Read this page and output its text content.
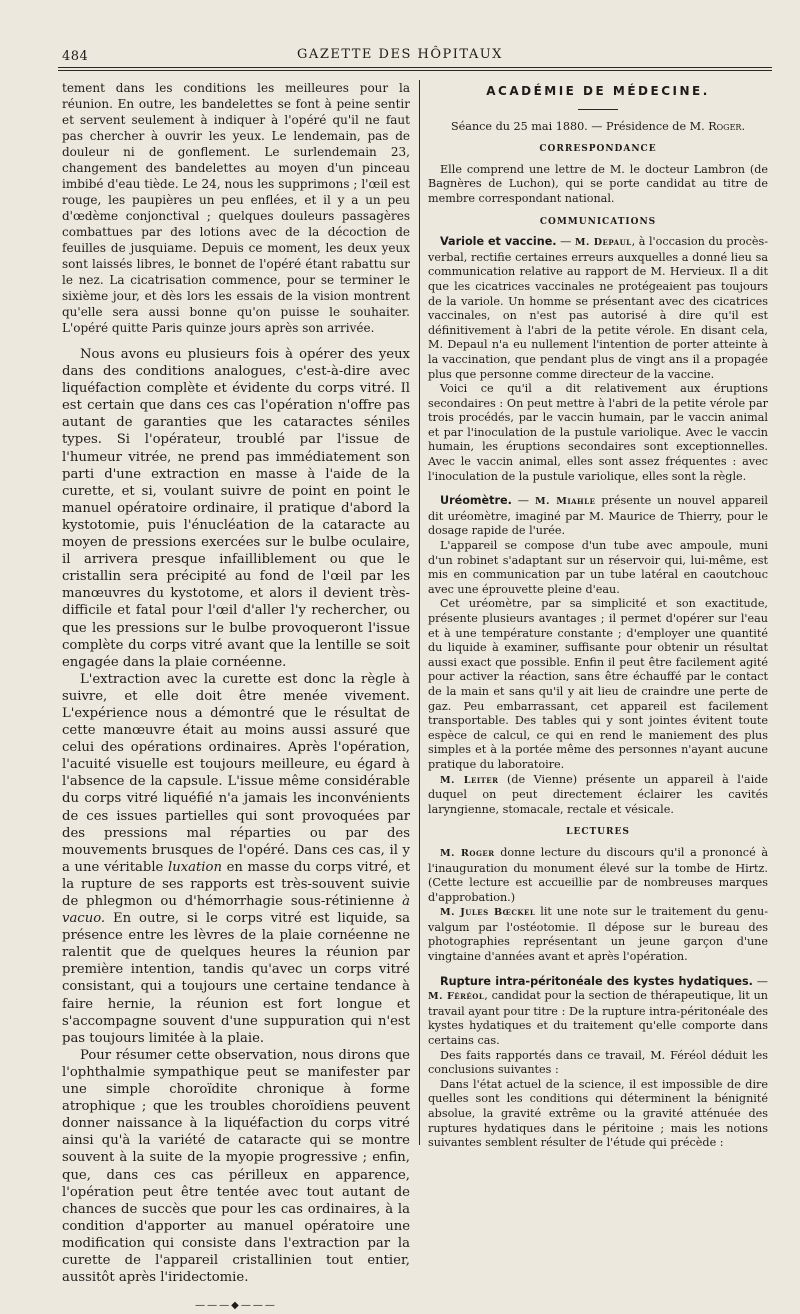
484	GAZETTE DES HÔPITAUX

tement dans les conditions les meilleures pour la réunion. En outre, les bandelettes se font à peine sentir et servent seulement à indiquer à l'opéré qu'il ne faut pas chercher à ouvrir les yeux. Le lendemain, pas de douleur ni de gonflement. Le surlendemain 23, changement des bandelettes au moyen d'un pinceau imbibé d'eau tiède. Le 24, nous les supprimons ; l'œil est rouge, les paupières un peu enflées, et il y a un peu d'œdème conjonctival ; quelques douleurs passagères combattues par des lotions avec de la décoction de feuilles de jusquiame. Depuis ce moment, les deux yeux sont laissés libres, le bonnet de l'opéré étant rabattu sur le nez. La cicatrisation commence, pour se terminer le sixième jour, et dès lors les essais de la vision montrent qu'elle sera aussi bonne qu'on puisse le souhaiter. L'opéré quitte Paris quinze jours après son arrivée.

Nous avons eu plusieurs fois à opérer des yeux dans des conditions analogues, c'est-à-dire avec liquéfaction complète et évidente du corps vitré. Il est certain que dans ces cas l'opération n'offre pas autant de garanties que les cataractes séniles types. Si l'opérateur, troublé par l'issue de l'humeur vitrée, ne prend pas immédiatement son parti d'une extraction en masse à l'aide de la curette, et si, voulant suivre de point en point le manuel opératoire ordinaire, il pratique d'abord la kystotomie, puis l'énucléation de la cataracte au moyen de pressions exercées sur le bulbe oculaire, il arrivera presque infailliblement ou que le cristallin sera précipité au fond de l'œil par les manœuvres du kystotome, et alors il devient très-difficile et fatal pour l'œil d'aller l'y rechercher, ou que les pressions sur le bulbe provoqueront l'issue complète du corps vitré avant que la lentille se soit engagée dans la plaie cornéenne.

L'extraction avec la curette est donc la règle à suivre, et elle doit être menée vivement. L'expérience nous a démontré que le résultat de cette manœuvre était au moins aussi assuré que celui des opérations ordinaires. Après l'opération, l'acuité visuelle est toujours meilleure, eu égard à l'absence de la capsule. L'issue même considérable du corps vitré liquéfié n'a jamais les inconvénients de ces issues partielles qui sont provoquées par des pressions mal réparties ou par des mouvements brusques de l'opéré. Dans ces cas, il y a une véritable luxation en masse du corps vitré, et la rupture de ses rapports est très-souvent suivie de phlegmon ou d'hémorrhagie sous-rétinienne à vacuo. En outre, si le corps vitré est liquide, sa présence entre les lèvres de la plaie cornéenne ne ralentit que de quelques heures la réunion par première intention, tandis qu'avec un corps vitré consistant, qui a toujours une certaine tendance à faire hernie, la réunion est fort longue et s'accompagne souvent d'une suppuration qui n'est pas toujours limitée à la plaie.

Pour résumer cette observation, nous dirons que l'ophthalmie sympathique peut se manifester par une simple choroïdite chronique à forme atrophique ; que les troubles choroïdiens peuvent donner naissance à la liquéfaction du corps vitré ainsi qu'à la variété de cataracte qui se montre souvent à la suite de la myopie progressive ; enfin, que, dans ces cas périlleux en apparence, l'opération peut être tentée avec tout autant de chances de succès que pour les cas ordinaires, à la condition d'apporter au manuel opératoire une modification qui consiste dans l'extraction par la curette de l'appareil cristallinien tout entier, aussitôt après l'iridectomie.

———◆———
ACADÉMIE DE MÉDECINE.
Séance du 25 mai 1880. — Présidence de M. Roger.
CORRESPONDANCE

Elle comprend une lettre de M. le docteur Lambron (de Bagnères de Luchon), qui se porte candidat au titre de membre correspondant national.

COMMUNICATIONS

Variole et vaccine. — M. Depaul, à l'occasion du procès-verbal, rectifie certaines erreurs auxquelles a donné lieu sa communication relative au rapport de M. Hervieux. Il a dit que les cicatrices vaccinales ne protégeaient pas toujours de la variole. Un homme se présentant avec des cicatrices vaccinales, on n'est pas autorisé à dire qu'il est définitivement à l'abri de la petite vérole. En disant cela, M. Depaul n'a eu nullement l'intention de porter atteinte à la vaccination, que pendant plus de vingt ans il a propagée plus que personne comme directeur de la vaccine.

Voici ce qu'il a dit relativement aux éruptions secondaires : On peut mettre à l'abri de la petite vérole par trois procédés, par le vaccin humain, par le vaccin animal et par l'inoculation de la pustule variolique. Avec le vaccin humain, les éruptions secondaires sont exceptionnelles. Avec le vaccin animal, elles sont assez fréquentes : avec l'inoculation de la pustule variolique, elles sont la règle.

Uréomètre. — M. Miahle présente un nouvel appareil dit uréomètre, imaginé par M. Maurice de Thierry, pour le dosage rapide de l'urée.

L'appareil se compose d'un tube avec ampoule, muni d'un robinet s'adaptant sur un réservoir qui, lui-même, est mis en communication par un tube latéral en caoutchouc avec une éprouvette pleine d'eau.

Cet uréomètre, par sa simplicité et son exactitude, présente plusieurs avantages ; il permet d'opérer sur l'eau et à une température constante ; d'employer une quantité du liquide à examiner, suffisante pour obtenir un résultat aussi exact que possible. Enfin il peut être facilement agité pour activer la réaction, sans être échauffé par le contact de la main et sans qu'il y ait lieu de craindre une perte de gaz. Peu embarrassant, cet appareil est facilement transportable. Des tables qui y sont jointes évitent toute espèce de calcul, ce qui en rend le maniement des plus simples et à la portée même des personnes n'ayant aucune pratique du laboratoire.

M. Leiter (de Vienne) présente un appareil à l'aide duquel on peut directement éclairer les cavités laryngienne, stomacale, rectale et vésicale.

LECTURES

M. Roger donne lecture du discours qu'il a prononcé à l'inauguration du monument élevé sur la tombe de Hirtz. (Cette lecture est accueillie par de nombreuses marques d'approbation.)

M. Jules Bœckel lit une note sur le traitement du genu-valgum par l'ostéotomie. Il dépose sur le bureau des photographies représentant un jeune garçon d'une vingtaine d'années avant et après l'opération.

Rupture intra-péritonéale des kystes hydatiques. — M. Féréol, candidat pour la section de thérapeutique, lit un travail ayant pour titre : De la rupture intra-péritonéale des kystes hydatiques et du traitement qu'elle comporte dans certains cas.

Des faits rapportés dans ce travail, M. Féréol déduit les conclusions suivantes :

Dans l'état actuel de la science, il est impossible de dire quelles sont les conditions qui déterminent la bénignité absolue, la gravité extrême ou la gravité atténuée des ruptures hydatiques dans le péritoine ; mais les notions suivantes semblent résulter de l'étude qui précède :
